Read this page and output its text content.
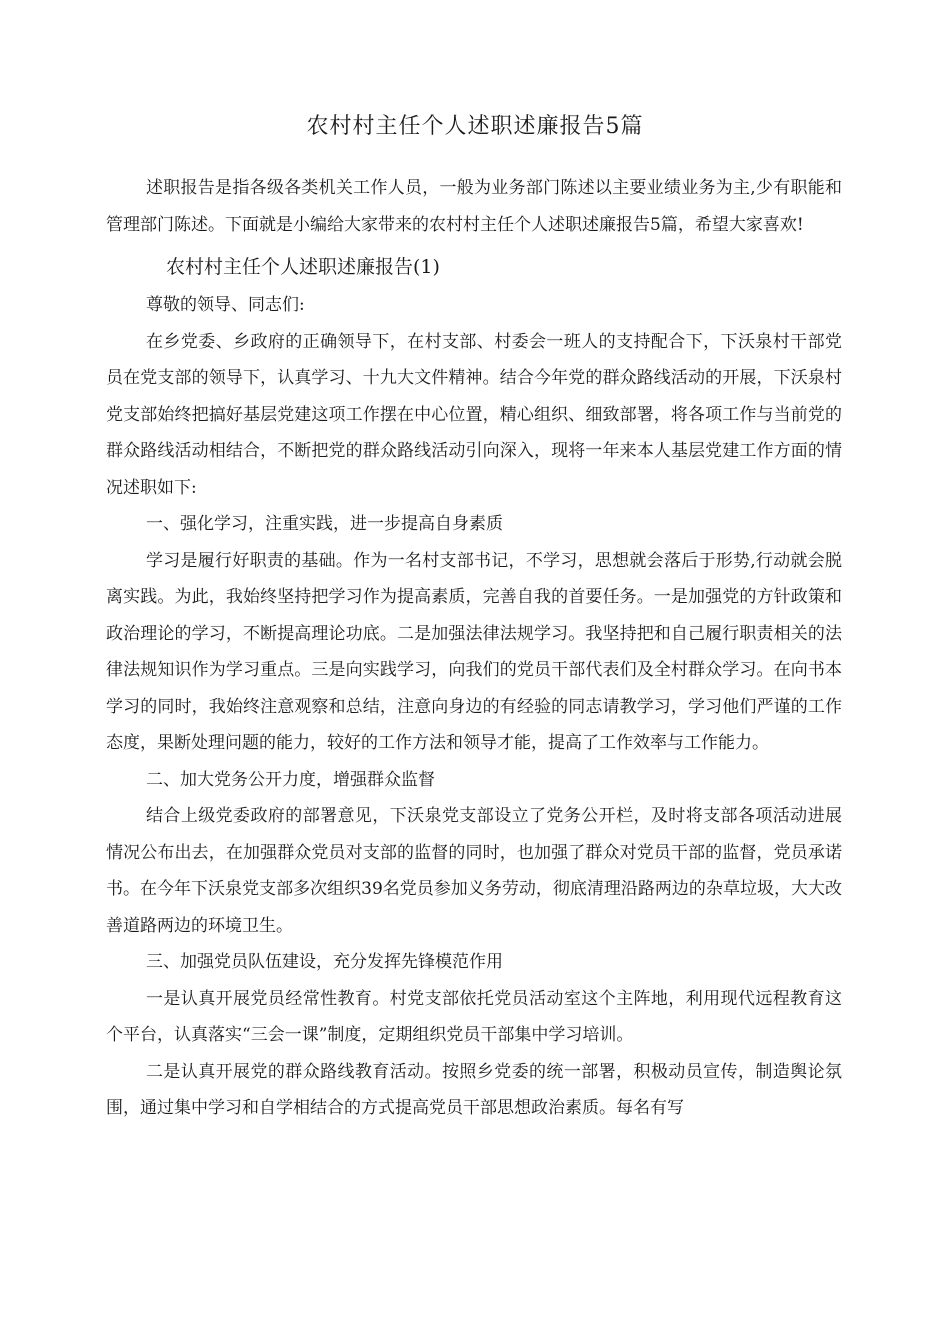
农村村主任个人述职述廉报告5篇

述职报告是指各级各类机关工作人员，一般为业务部门陈述以主要业绩业务为主,少有职能和管理部门陈述。下面就是小编给大家带来的农村村主任个人述职述廉报告5篇，希望大家喜欢!

农村村主任个人述职述廉报告(1)

尊敬的领导、同志们:

在乡党委、乡政府的正确领导下，在村支部、村委会一班人的支持配合下，下沃泉村干部党员在党支部的领导下，认真学习、十九大文件精神。结合今年党的群众路线活动的开展，下沃泉村党支部始终把搞好基层党建这项工作摆在中心位置，精心组织、细致部署，将各项工作与当前党的群众路线活动相结合，不断把党的群众路线活动引向深入，现将一年来本人基层党建工作方面的情况述职如下:

一、强化学习，注重实践，进一步提高自身素质

学习是履行好职责的基础。作为一名村支部书记，不学习，思想就会落后于形势,行动就会脱离实践。为此，我始终坚持把学习作为提高素质，完善自我的首要任务。一是加强党的方针政策和政治理论的学习，不断提高理论功底。二是加强法律法规学习。我坚持把和自己履行职责相关的法律法规知识作为学习重点。三是向实践学习，向我们的党员干部代表们及全村群众学习。在向书本学习的同时，我始终注意观察和总结，注意向身边的有经验的同志请教学习，学习他们严谨的工作态度，果断处理问题的能力，较好的工作方法和领导才能，提高了工作效率与工作能力。

二、加大党务公开力度，增强群众监督

结合上级党委政府的部署意见，下沃泉党支部设立了党务公开栏，及时将支部各项活动进展情况公布出去，在加强群众党员对支部的监督的同时，也加强了群众对党员干部的监督，党员承诺书。在今年下沃泉党支部多次组织39名党员参加义务劳动，彻底清理沿路两边的杂草垃圾，大大改善道路两边的环境卫生。

三、加强党员队伍建设，充分发挥先锋模范作用

一是认真开展党员经常性教育。村党支部依托党员活动室这个主阵地，利用现代远程教育这个平台，认真落实“三会一课”制度，定期组织党员干部集中学习培训。

二是认真开展党的群众路线教育活动。按照乡党委的统一部署，积极动员宣传，制造舆论氛围，通过集中学习和自学相结合的方式提高党员干部思想政治素质。每名有写
